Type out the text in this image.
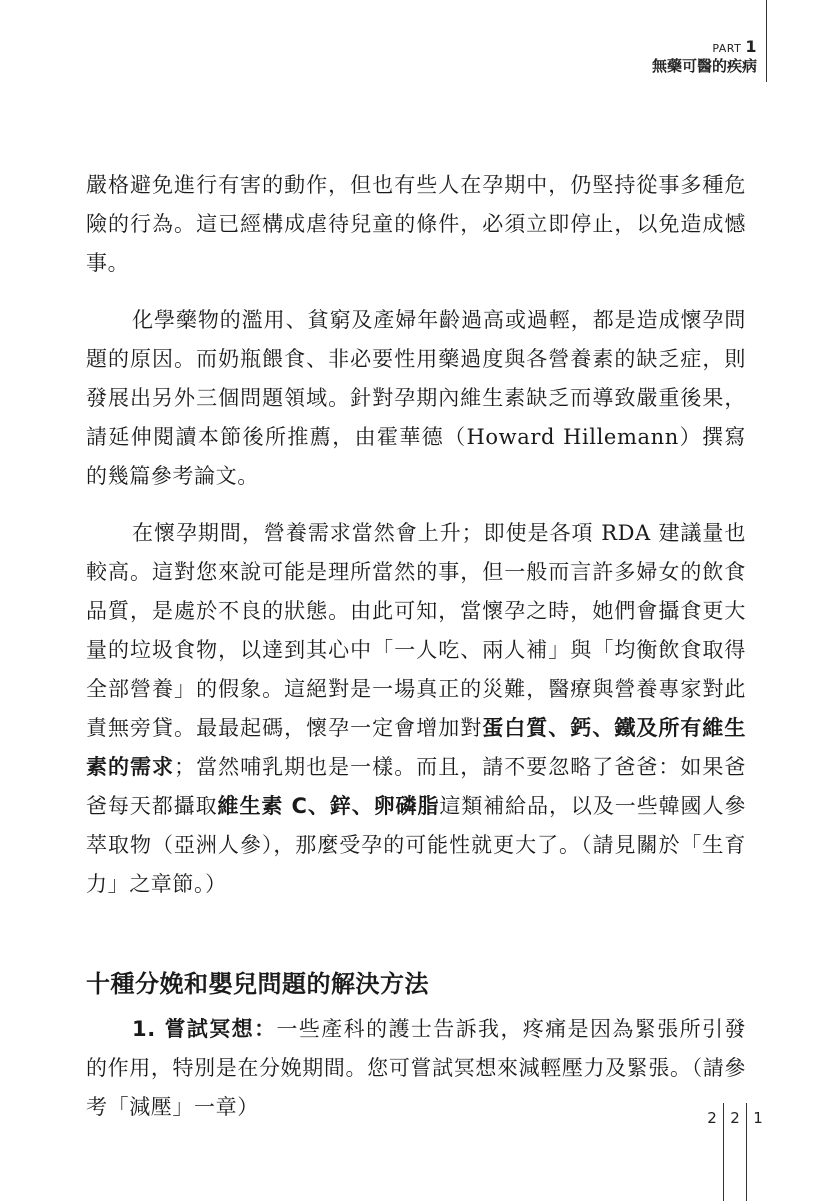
PART 1
無藥可醫的疾病

嚴格避免進行有害的動作，但也有些人在孕期中，仍堅持從事多種危險的行為。這已經構成虐待兒童的條件，必須立即停止，以免造成憾事。

化學藥物的濫用、貧窮及產婦年齡過高或過輕，都是造成懷孕問題的原因。而奶瓶餵食、非必要性用藥過度與各營養素的缺乏症，則發展出另外三個問題領域。針對孕期內維生素缺乏而導致嚴重後果，請延伸閱讀本節後所推薦，由霍華德（Howard Hillemann）撰寫的幾篇參考論文。

在懷孕期間，營養需求當然會上升；即使是各項 RDA 建議量也較高。這對您來說可能是理所當然的事，但一般而言許多婦女的飲食品質，是處於不良的狀態。由此可知，當懷孕之時，她們會攝食更大量的垃圾食物，以達到其心中「一人吃、兩人補」與「均衡飲食取得全部營養」的假象。這絕對是一場真正的災難，醫療與營養專家對此責無旁貸。最最起碼，懷孕一定會增加對蛋白質、鈣、鐵及所有維生素的需求；當然哺乳期也是一樣。而且，請不要忽略了爸爸：如果爸爸每天都攝取維生素 C、鋅、卵磷脂這類補給品，以及一些韓國人參萃取物（亞洲人參），那麼受孕的可能性就更大了。（請見關於「生育力」之章節。）

十種分娩和嬰兒問題的解決方法

1. 嘗試冥想：一些產科的護士告訴我，疼痛是因為緊張所引發的作用，特別是在分娩期間。您可嘗試冥想來減輕壓力及緊張。（請參考「減壓」一章）	2 2 1
